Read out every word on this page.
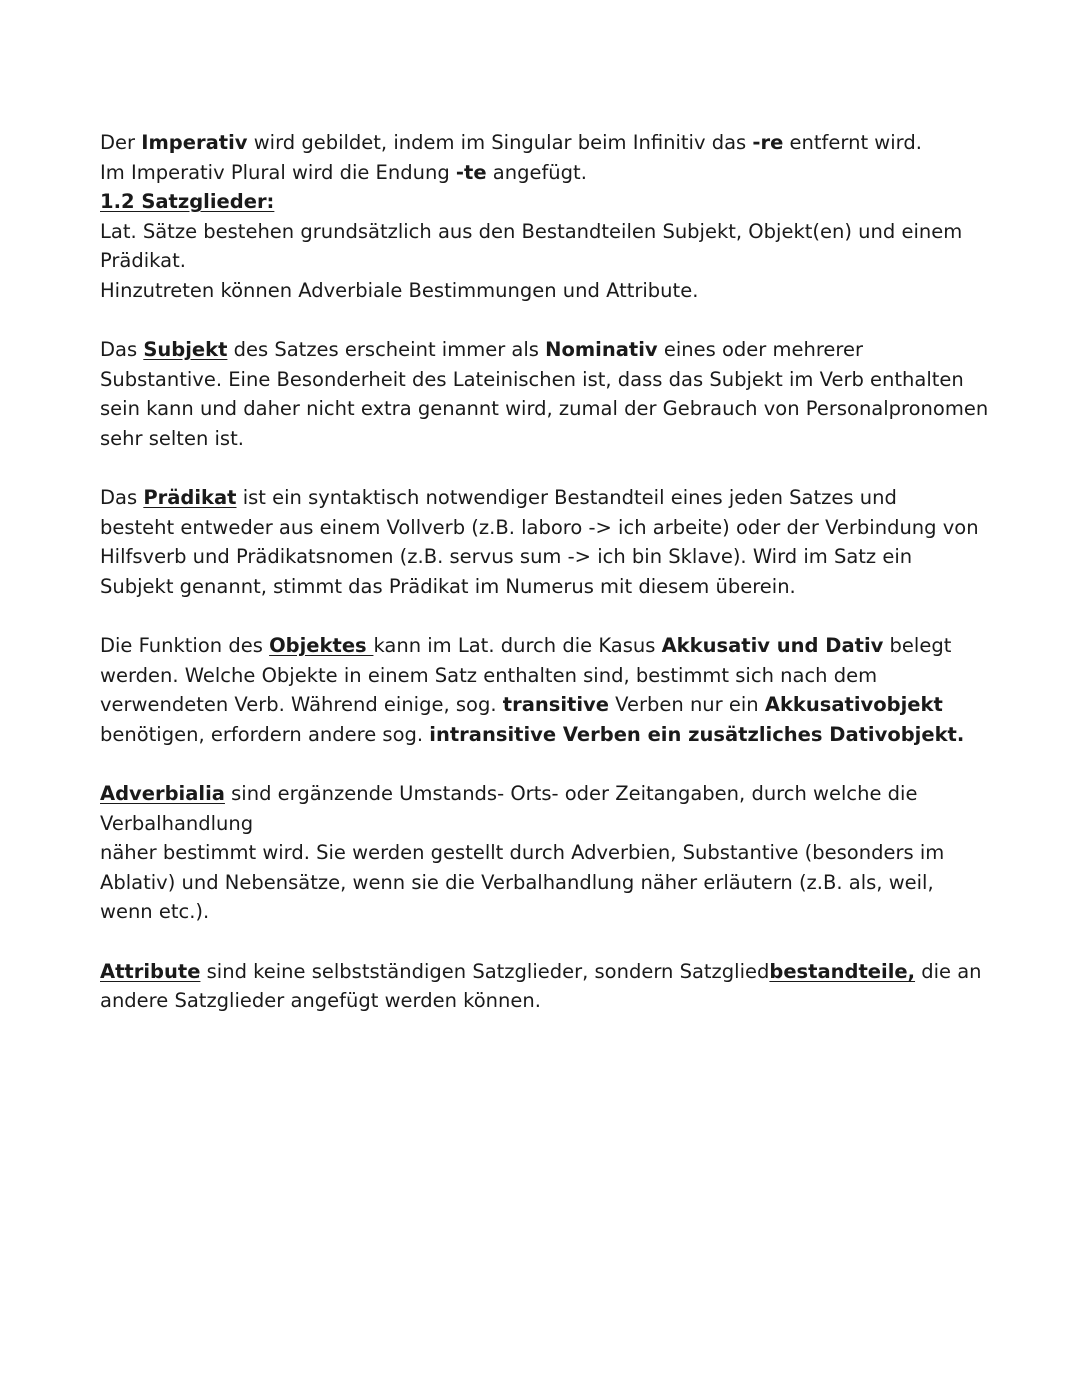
Der Imperativ wird gebildet, indem im Singular beim Infinitiv das -re entfernt wird.
Im Imperativ Plural wird die Endung -te angefügt.
1.2 Satzglieder:
Lat. Sätze bestehen grundsätzlich aus den Bestandteilen Subjekt, Objekt(en) und einem
Prädikat.
Hinzutreten können Adverbiale Bestimmungen und Attribute.
Das Subjekt des Satzes erscheint immer als Nominativ eines oder mehrerer
Substantive. Eine Besonderheit des Lateinischen ist, dass das Subjekt im Verb enthalten
sein kann und daher nicht extra genannt wird, zumal der Gebrauch von Personalpronomen
sehr selten ist.
Das Prädikat ist ein syntaktisch notwendiger Bestandteil eines jeden Satzes und
besteht entweder aus einem Vollverb (z.B. laboro -> ich arbeite) oder der Verbindung von
Hilfsverb und Prädikatsnomen (z.B. servus sum -> ich bin Sklave). Wird im Satz ein
Subjekt genannt, stimmt das Prädikat im Numerus mit diesem überein.
Die Funktion des Objektes kann im Lat. durch die Kasus Akkusativ und Dativ belegt
werden. Welche Objekte in einem Satz enthalten sind, bestimmt sich nach dem
verwendeten Verb. Während einige, sog. transitive Verben nur ein Akkusativobjekt
benötigen, erfordern andere sog. intransitive Verben ein zusätzliches Dativobjekt.
Adverbialia sind ergänzende Umstands- Orts- oder Zeitangaben, durch welche die
Verbalhandlung
näher bestimmt wird. Sie werden gestellt durch Adverbien, Substantive (besonders im
Ablativ) und Nebensätze, wenn sie die Verbalhandlung näher erläutern (z.B. als, weil,
wenn etc.).
Attribute sind keine selbstständigen Satzglieder, sondern Satzgliedbestandteile, die an
andere Satzglieder angefügt werden können.
